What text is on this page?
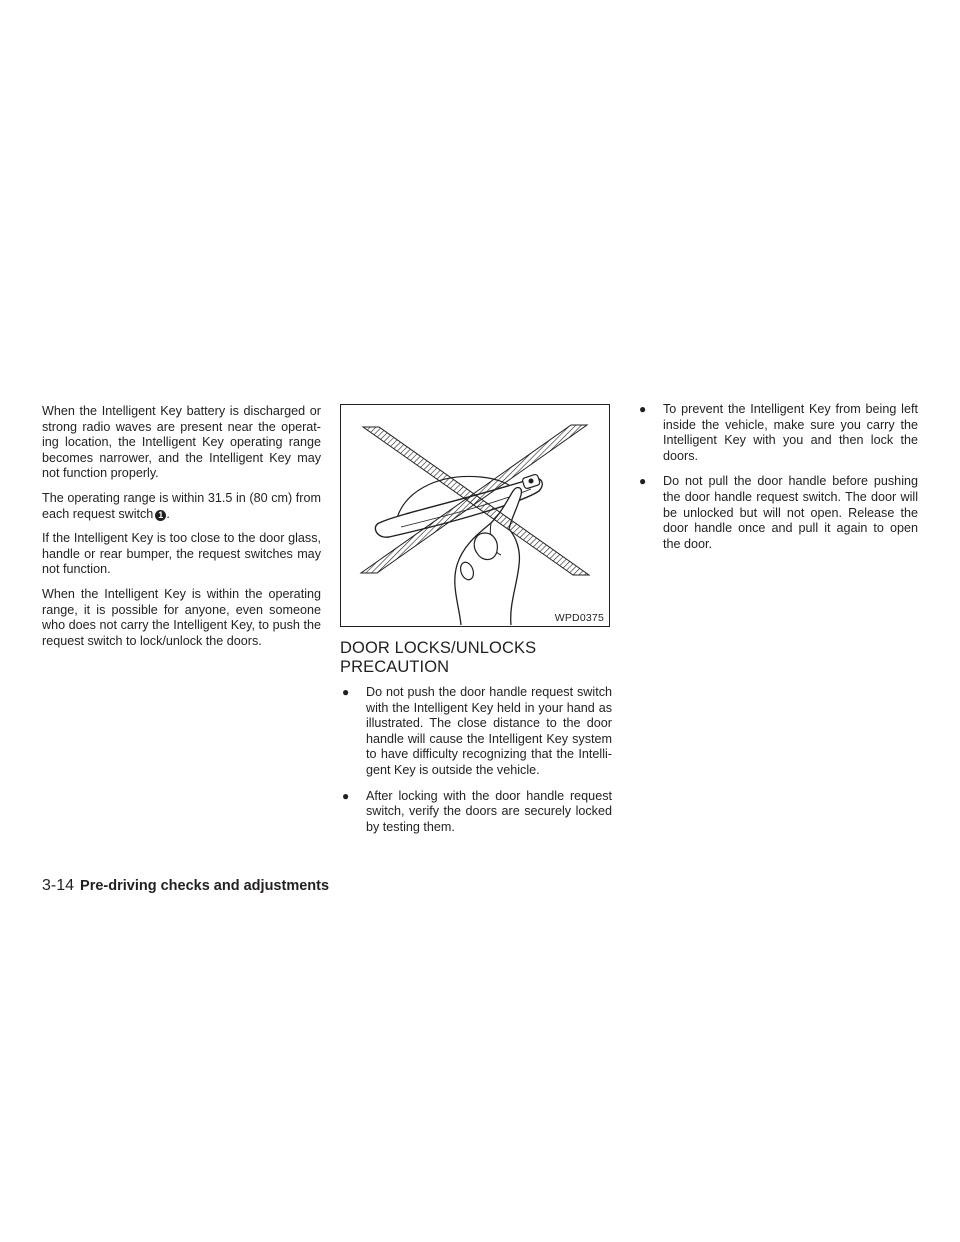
When the Intelligent Key battery is discharged or strong radio waves are present near the operat- ing location, the Intelligent Key operating range becomes narrower, and the Intelligent Key may not function properly.

The operating range is within 31.5 in (80 cm) from each request switch 1 .

If the Intelligent Key is too close to the door glass, handle or rear bumper, the request switches may not function.

When the Intelligent Key is within the operating range, it is possible for anyone, even someone who does not carry the Intelligent Key, to push the request switch to lock/unlock the doors.

WPD0375
DOOR LOCKS/UNLOCKS
PRECAUTION
●	Do not push the door handle request switch with the Intelligent Key held in your hand as illustrated. The close distance to the door handle will cause the Intelligent Key system to have difficulty recognizing that the Intelli- gent Key is outside the vehicle.
●	After locking with the door handle request switch, verify the doors are securely locked by testing them.
●	To prevent the Intelligent Key from being left inside the vehicle, make sure you carry the Intelligent Key with you and then lock the doors.
●	Do not pull the door handle before pushing the door handle request switch. The door will be unlocked but will not open. Release the door handle once and pull it again to open the door.
3-14 Pre-driving checks and adjustments
